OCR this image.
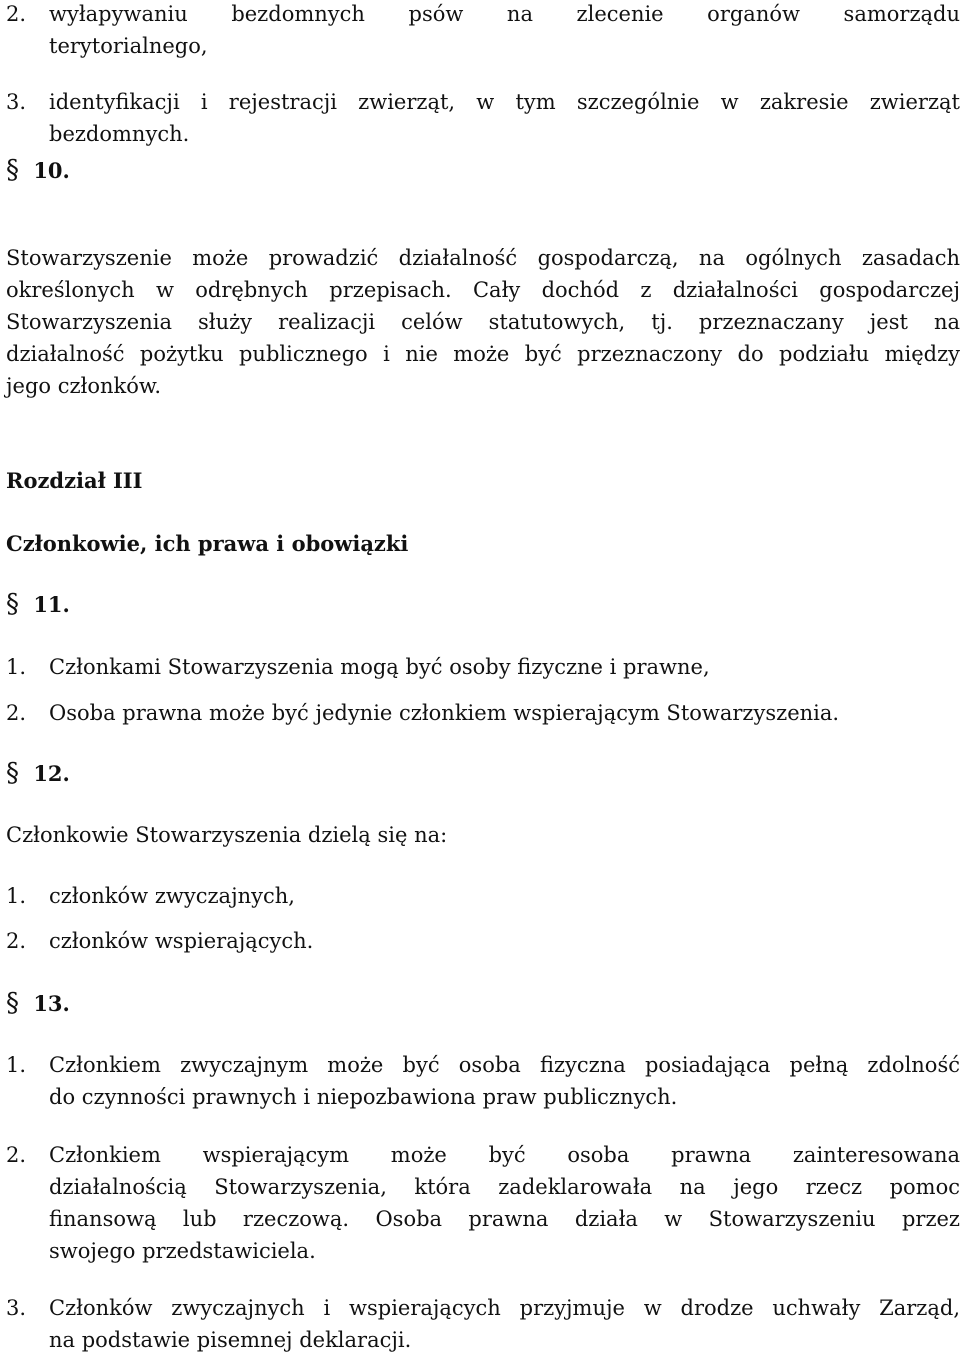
2.	wyłapywaniu bezdomnych psów na zlecenie organów samorządu
terytorialnego,
3.	identyfikacji i rejestracji zwierząt, w tym szczególnie w zakresie zwierząt
bezdomnych.
§ 10.
Stowarzyszenie może prowadzić działalność gospodarczą, na ogólnych zasadach
określonych w odrębnych przepisach. Cały dochód z działalności gospodarczej
Stowarzyszenia służy realizacji celów statutowych, tj. przeznaczany jest na
działalność pożytku publicznego i nie może być przeznaczony do podziału między
jego członków.
Rozdział III
Członkowie, ich prawa i obowiązki
§ 11.
1.	Członkami Stowarzyszenia mogą być osoby fizyczne i prawne,
2.	Osoba prawna może być jedynie członkiem wspierającym Stowarzyszenia.
§ 12.
Członkowie Stowarzyszenia dzielą się na:
1.	członków zwyczajnych,
2.	członków wspierających.
§ 13.
1.	Członkiem zwyczajnym może być osoba fizyczna posiadająca pełną zdolność
do czynności prawnych i niepozbawiona praw publicznych.
2.	Członkiem wspierającym może być osoba prawna zainteresowana
działalnością Stowarzyszenia, która zadeklarowała na jego rzecz pomoc
finansową lub rzeczową. Osoba prawna działa w Stowarzyszeniu przez
swojego przedstawiciela.
3.	Członków zwyczajnych i wspierających przyjmuje w drodze uchwały Zarząd,
na podstawie pisemnej deklaracji.
